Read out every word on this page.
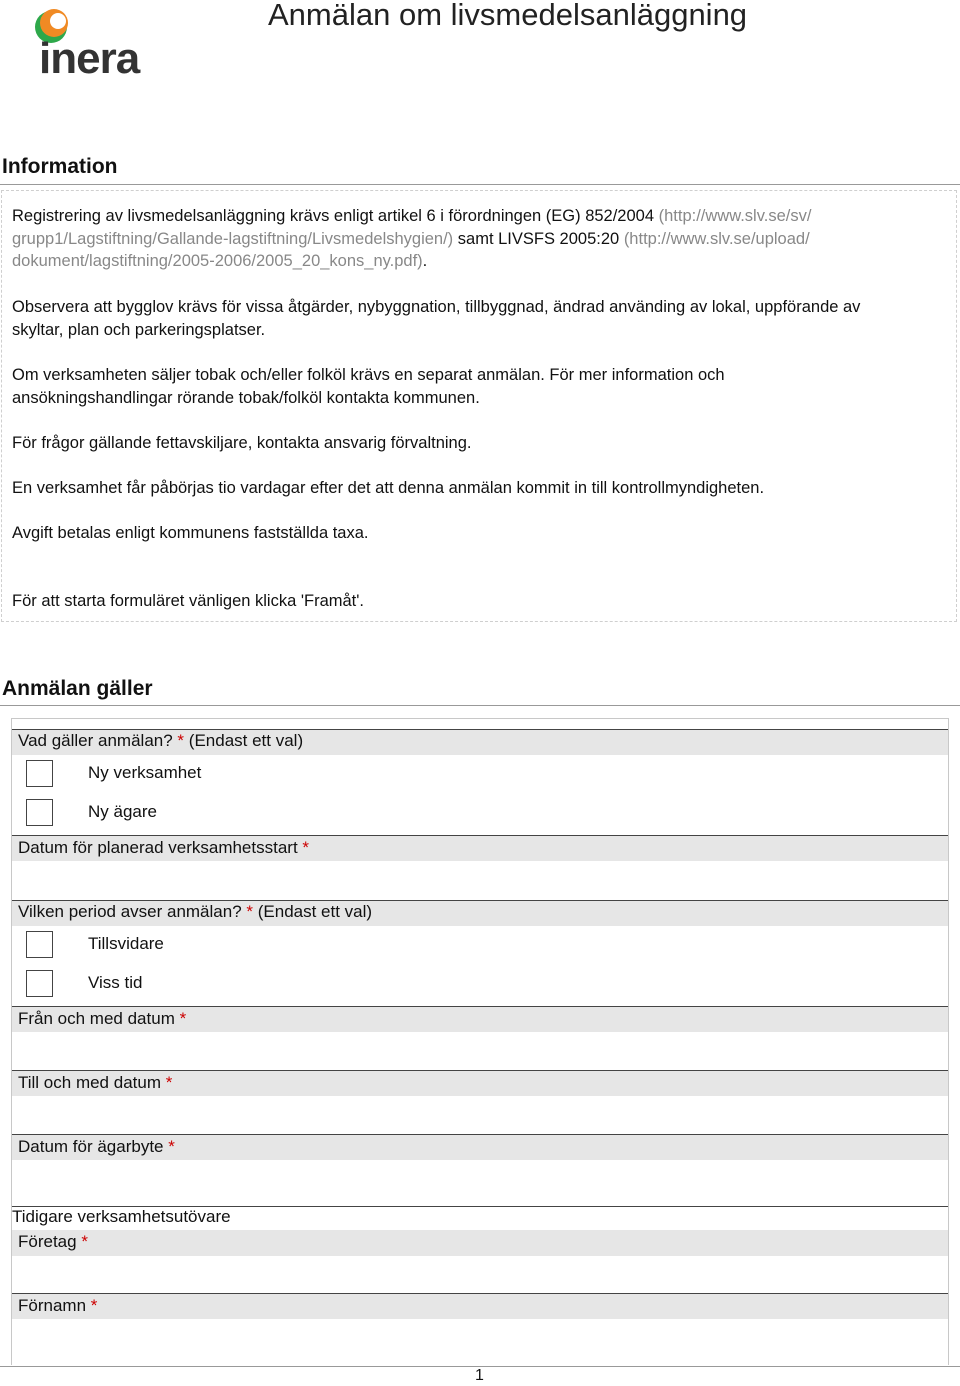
inera
Anmälan om livsmedelsanläggning
Information

Registrering av livsmedelsanläggning krävs enligt artikel 6 i förordningen (EG) 852/2004 (http://www.slv.se/sv/
grupp1/Lagstiftning/Gallande-lagstiftning/Livsmedelshygien/) samt LIVSFS 2005:20 (http://www.slv.se/upload/
dokument/lagstiftning/2005-2006/2005_20_kons_ny.pdf).

Observera att bygglov krävs för vissa åtgärder, nybyggnation, tillbyggnad, ändrad använding av lokal, uppförande av skyltar, plan och parkeringsplatser.

Om verksamheten säljer tobak och/eller folköl krävs en separat anmälan. För mer information och ansökningshandlingar rörande tobak/folköl kontakta kommunen.

För frågor gällande fettavskiljare, kontakta ansvarig förvaltning.

En verksamhet får påbörjas tio vardagar efter det att denna anmälan kommit in till kontrollmyndigheten.

Avgift betalas enligt kommunens fastställda taxa.

För att starta formuläret vänligen klicka 'Framåt'.

Anmälan gäller
Vad gäller anmälan? * (Endast ett val)
Ny verksamhet
Ny ägare
Datum för planerad verksamhetsstart *
Vilken period avser anmälan? * (Endast ett val)
Tillsvidare
Viss tid
Från och med datum *
Till och med datum *
Datum för ägarbyte *
Tidigare verksamhetsutövare
Företag *
Förnamn *
1
